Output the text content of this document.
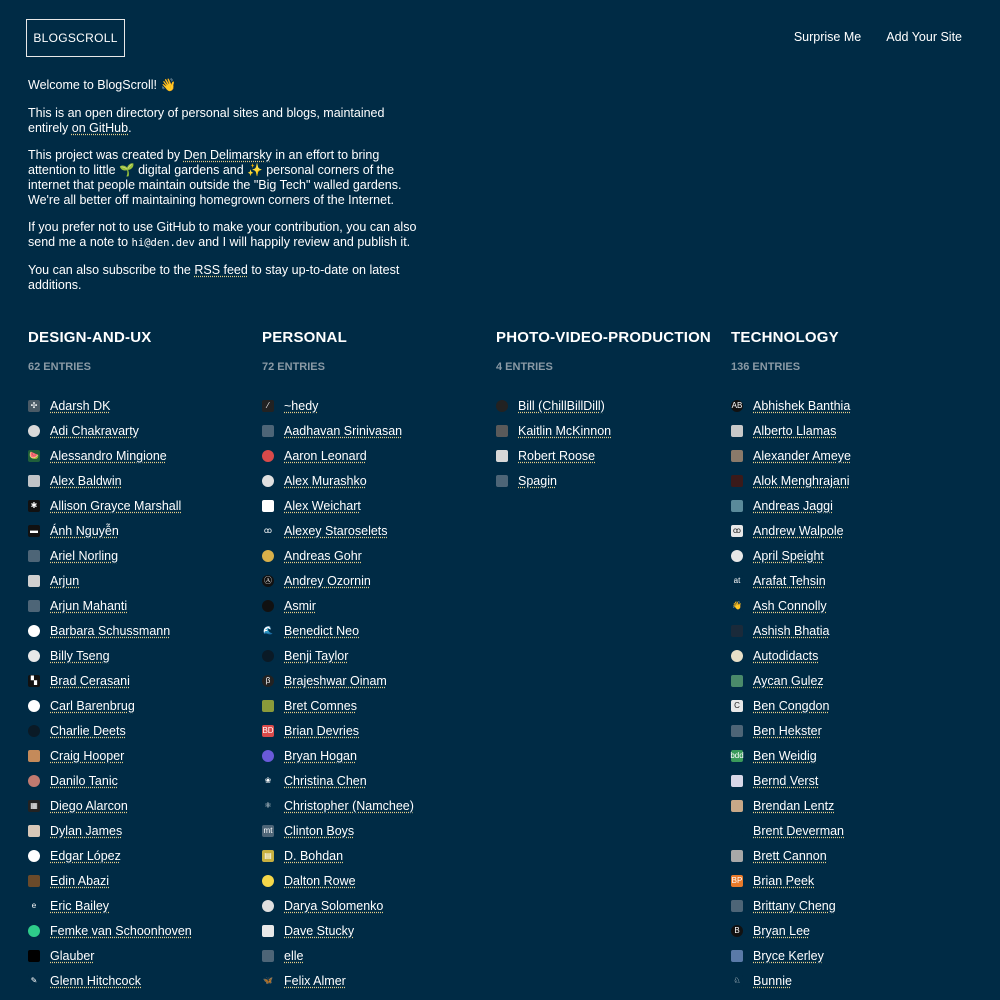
BLOGSCROLL	Surprise Me Add Your Site

Welcome to BlogScroll! 👋

This is an open directory of personal sites and blogs, maintained entirely on GitHub.

This project was created by Den Delimarsky in an effort to bring attention to little 🌱 digital gardens and ✨ personal corners of the internet that people maintain outside the "Big Tech" walled gardens. We're all better off maintaining homegrown corners of the Internet.

If you prefer not to use GitHub to make your contribution, you can also send me a note to hi@den.dev and I will happily review and publish it.

You can also subscribe to the RSS feed to stay up-to-date on latest additions.

DESIGN-AND-UX
62 ENTRIES
✣ Adarsh DK
Adi Chakravarty
🍉 Alessandro Mingione
Alex Baldwin
✱ Allison Grayce Marshall
▬ Ánh Nguyễn
Ariel Norling
Arjun
Arjun Mahanti
Barbara Schussmann
Billy Tseng
▚ Brad Cerasani
Carl Barenbrug
Charlie Deets
Craig Hooper
Danilo Tanic
▦ Diego Alarcon
Dylan James
Edgar López
Edin Abazi
e	Eric Bailey
Femke van Schoonhoven
Glauber
✎ Glenn Hitchcock
PERSONAL
72 ENTRIES
⁄	~hedy
Aadhavan Srinivasan
Aaron Leonard
Alex Murashko
Alex Weichart
ꝏ Alexey Staroselets
Andreas Gohr
Ⓐ Andrey Ozornin
Asmir
🌊 Benedict Neo
Benji Taylor
β Brajeshwar Oinam
Bret Comnes
BD Brian Devries
Bryan Hogan
❀ Christina Chen
⚛ Christopher (Namchee)
mt Clinton Boys
▤ D. Bohdan
Dalton Rowe
Darya Solomenko
Dave Stucky
elle
🦋 Felix Almer
PHOTO-VIDEO-PRODUCTION
4 ENTRIES
Bill (ChillBillDill)
Kaitlin McKinnon
Robert Roose
Spagin
TECHNOLOGY
136 ENTRIES
AB Abhishek Banthia
Alberto Llamas
Alexander Ameye
Alok Menghrajani
Andreas Jaggi
ꝏ Andrew Walpole
April Speight
at Arafat Tehsin
👋 Ash Connolly
Ashish Bhatia
Autodidacts
Aycan Gulez
C Ben Congdon
Ben Hekster
bdd Ben Weidig
Bernd Verst
Brendan Lentz
Brent Deverman
Brett Cannon
BP Brian Peek
Brittany Cheng
B Bryan Lee
Bryce Kerley
♘ Bunnie
